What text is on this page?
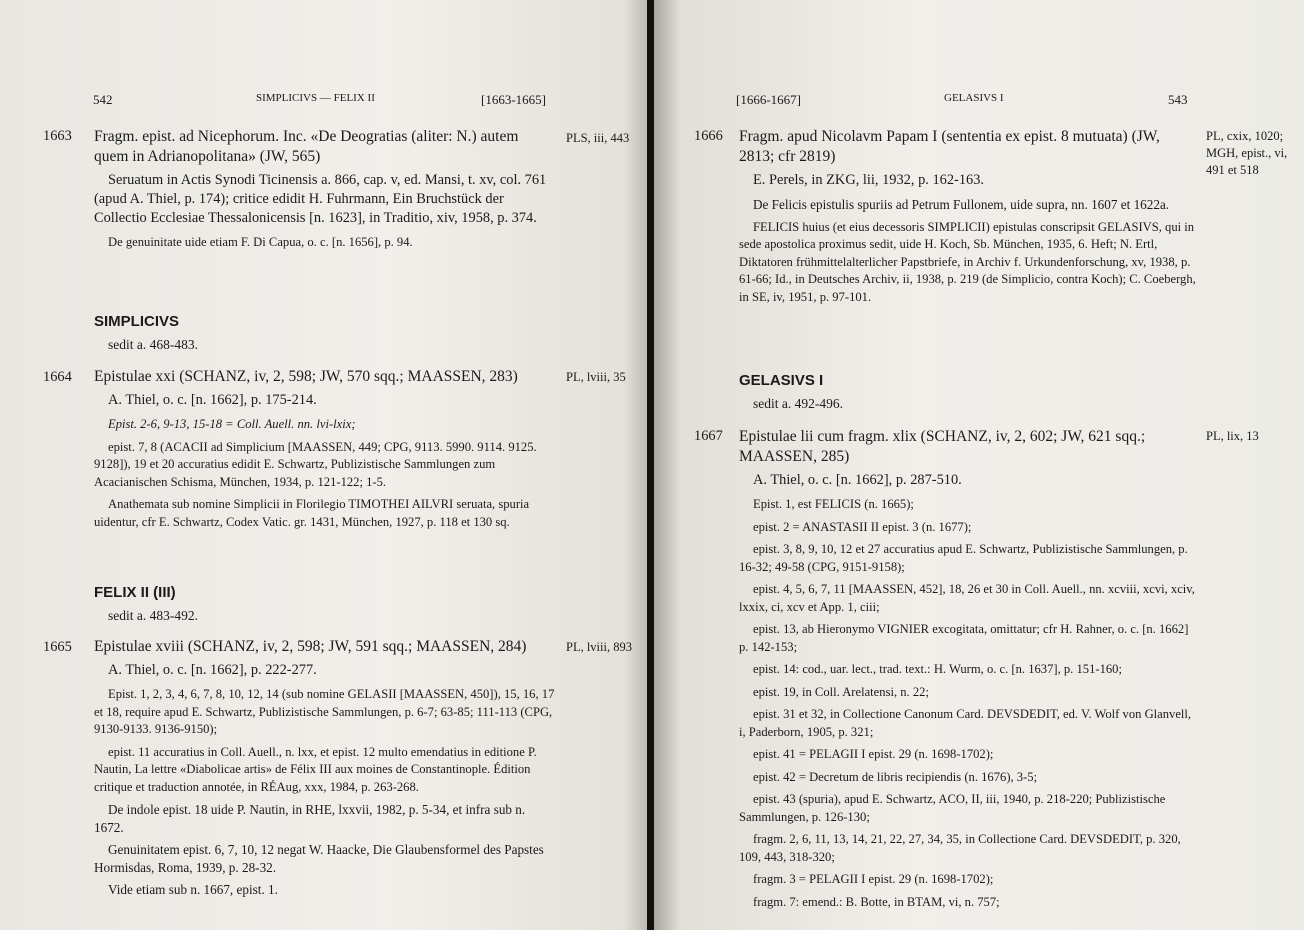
542	SIMPLICIVS — FELIX II	[1663-1665]
1663	PLS, iii, 443
Fragm. epist. ad Nicephorum. Inc. «De Deogratias (aliter: N.) autem quem in Adrianopolitana» (JW, 565)
Seruatum in Actis Synodi Ticinensis a. 866, cap. v, ed. Mansi, t. xv, col. 761 (apud A. Thiel, p. 174); critice edidit H. Fuhrmann, Ein Bruchstück der Collectio Ecclesiae Thessalonicensis [n. 1623], in Traditio, xiv, 1958, p. 374.
De genuinitate uide etiam F. Di Capua, o. c. [n. 1656], p. 94.
SIMPLICIVS
sedit a. 468-483.
1664	PL, lviii, 35
Epistulae xxi (SCHANZ, iv, 2, 598; JW, 570 sqq.; MAASSEN, 283)
A. Thiel, o. c. [n. 1662], p. 175-214.
Epist. 2-6, 9-13, 15-18 = Coll. Auell. nn. lvi-lxix;
epist. 7, 8 (ACACII ad Simplicium [MAASSEN, 449; CPG, 9113. 5990. 9114. 9125. 9128]), 19 et 20 accuratius edidit E. Schwartz, Publizistische Sammlungen zum Acacianischen Schisma, München, 1934, p. 121-122; 1-5.
Anathemata sub nomine Simplicii in Florilegio TIMOTHEI AILVRI seruata, spuria uidentur, cfr E. Schwartz, Codex Vatic. gr. 1431, München, 1927, p. 118 et 130 sq.
FELIX II (III)
sedit a. 483-492.
1665	PL, lviii, 893
Epistulae xviii (SCHANZ, iv, 2, 598; JW, 591 sqq.; MAASSEN, 284)
A. Thiel, o. c. [n. 1662], p. 222-277.
Epist. 1, 2, 3, 4, 6, 7, 8, 10, 12, 14 (sub nomine GELASII [MAASSEN, 450]), 15, 16, 17 et 18, require apud E. Schwartz, Publizistische Sammlungen, p. 6-7; 63-85; 111-113 (CPG, 9130-9133. 9136-9150);
epist. 11 accuratius in Coll. Auell., n. lxx, et epist. 12 multo emendatius in editione P. Nautin, La lettre «Diabolicae artis» de Félix III aux moines de Constantinople. Édition critique et traduction annotée, in RÉAug, xxx, 1984, p. 263-268.
De indole epist. 18 uide P. Nautin, in RHE, lxxvii, 1982, p. 5-34, et infra sub n. 1672.
Genuinitatem epist. 6, 7, 10, 12 negat W. Haacke, Die Glaubensformel des Papstes Hormisdas, Roma, 1939, p. 28-32.
Vide etiam sub n. 1667, epist. 1.
[1666-1667]	GELASIVS I	543
1666	PL, cxix, 1020; MGH, epist., vi, 491 et 518
Fragm. apud Nicolavm Papam I (sententia ex epist. 8 mutuata) (JW, 2813; cfr 2819)
E. Perels, in ZKG, lii, 1932, p. 162-163.
De Felicis epistulis spuriis ad Petrum Fullonem, uide supra, nn. 1607 et 1622a.
FELICIS huius (et eius decessoris SIMPLICII) epistulas conscripsit GELASIVS, qui in sede apostolica proximus sedit, uide H. Koch, Sb. München, 1935, 6. Heft; N. Ertl, Diktatoren frühmittelalterlicher Papstbriefe, in Archiv f. Urkundenforschung, xv, 1938, p. 61-66; Id., in Deutsches Archiv, ii, 1938, p. 219 (de Simplicio, contra Koch); C. Coebergh, in SE, iv, 1951, p. 97-101.
GELASIVS I
sedit a. 492-496.
1667	PL, lix, 13
Epistulae lii cum fragm. xlix (SCHANZ, iv, 2, 602; JW, 621 sqq.; MAASSEN, 285)
A. Thiel, o. c. [n. 1662], p. 287-510.
Epist. 1, est FELICIS (n. 1665);
epist. 2 = ANASTASII II epist. 3 (n. 1677);
epist. 3, 8, 9, 10, 12 et 27 accuratius apud E. Schwartz, Publizistische Sammlungen, p. 16-32; 49-58 (CPG, 9151-9158);
epist. 4, 5, 6, 7, 11 [MAASSEN, 452], 18, 26 et 30 in Coll. Auell., nn. xcviii, xcvi, xciv, lxxix, ci, xcv et App. 1, ciii;
epist. 13, ab Hieronymo VIGNIER excogitata, omittatur; cfr H. Rahner, o. c. [n. 1662] p. 142-153;
epist. 14: cod., uar. lect., trad. text.: H. Wurm, o. c. [n. 1637], p. 151-160;
epist. 19, in Coll. Arelatensi, n. 22;
epist. 31 et 32, in Collectione Canonum Card. DEVSDEDIT, ed. V. Wolf von Glanvell, i, Paderborn, 1905, p. 321;
epist. 41 = PELAGII I epist. 29 (n. 1698-1702);
epist. 42 = Decretum de libris recipiendis (n. 1676), 3-5;
epist. 43 (spuria), apud E. Schwartz, ACO, II, iii, 1940, p. 218-220; Publizistische Sammlungen, p. 126-130;
fragm. 2, 6, 11, 13, 14, 21, 22, 27, 34, 35, in Collectione Card. DEVSDEDIT, p. 320, 109, 443, 318-320;
fragm. 3 = PELAGII I epist. 29 (n. 1698-1702);
fragm. 7: emend.: B. Botte, in BTAM, vi, n. 757;
